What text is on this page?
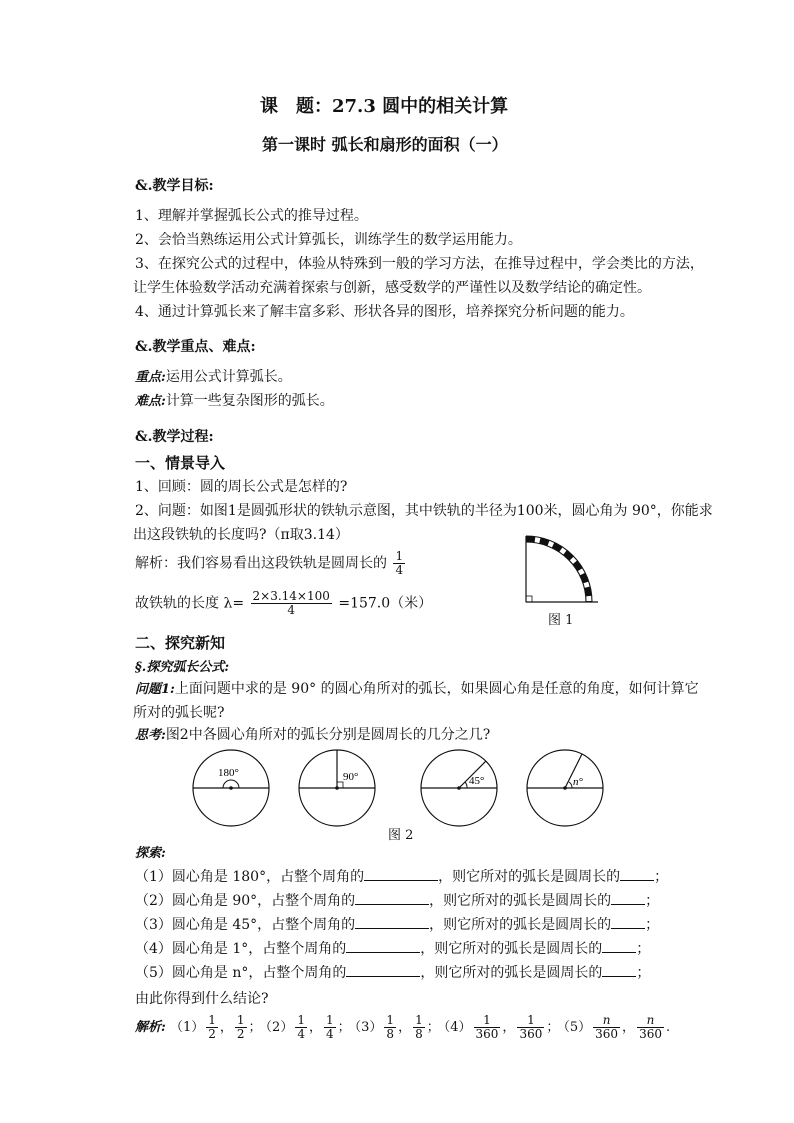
课　题：27.3 圆中的相关计算
第一课时 弧长和扇形的面积（一）
&.教学目标:
1、理解并掌握弧长公式的推导过程。
2、会恰当熟练运用公式计算弧长，训练学生的数学运用能力。
3、在探究公式的过程中，体验从特殊到一般的学习方法，在推导过程中，学会类比的方法，
让学生体验数学活动充满着探索与创新，感受数学的严谨性以及数学结论的确定性。
4、通过计算弧长来了解丰富多彩、形状各异的图形，培养探究分析问题的能力。
&.教学重点、难点:
重点:运用公式计算弧长。
难点:计算一些复杂图形的弧长。
&.教学过程:
一、情景导入
1、回顾：圆的周长公式是怎样的?
2、问题：如图1是圆弧形状的铁轨示意图，其中铁轨的半径为100米，圆心角为 90°，你能求
出这段铁轨的长度吗?（π取3.14）
解析：我们容易看出这段铁轨是圆周长的 $\frac{1}{4}$
故铁轨的长度 $\lambda= \frac{2\times 3.14\times 100}{4} =157.0$（米）
图 1
二、探究新知
§.探究弧长公式:
问题1:上面问题中求的是 90° 的圆心角所对的弧长，如果圆心角是任意的角度，如何计算它
所对的弧长呢?
思考:图2中各圆心角所对的弧长分别是圆周长的几分之几?
180°	90°	45°	n°
图 2
探索:
（1）圆心角是 180°，占整个周角的	，则它所对的弧长是圆周长的 ；
（2）圆心角是 90°，占整个周角的	，则它所对的弧长是圆周长的 ；
（3）圆心角是 45°，占整个周角的	，则它所对的弧长是圆周长的 ；
（4）圆心角是 1°，占整个周角的	，则它所对的弧长是圆周长的 ；
（5）圆心角是 n°，占整个周角的	，则它所对的弧长是圆周长的 ；
由此你得到什么结论?
解析: $(1) \frac{1}{2}$ ， $\frac{1}{2}$ ； $(2) \frac{1}{4}$ ， $\frac{1}{4}$ ； $(3) \frac{1}{8}$ ， $\frac{1}{8}$ ； $(4) \frac{1}{360}$ ， $\frac{1}{360}$ ； $(5) \frac{n}{360}$ ， $\frac{n}{360}$ .
